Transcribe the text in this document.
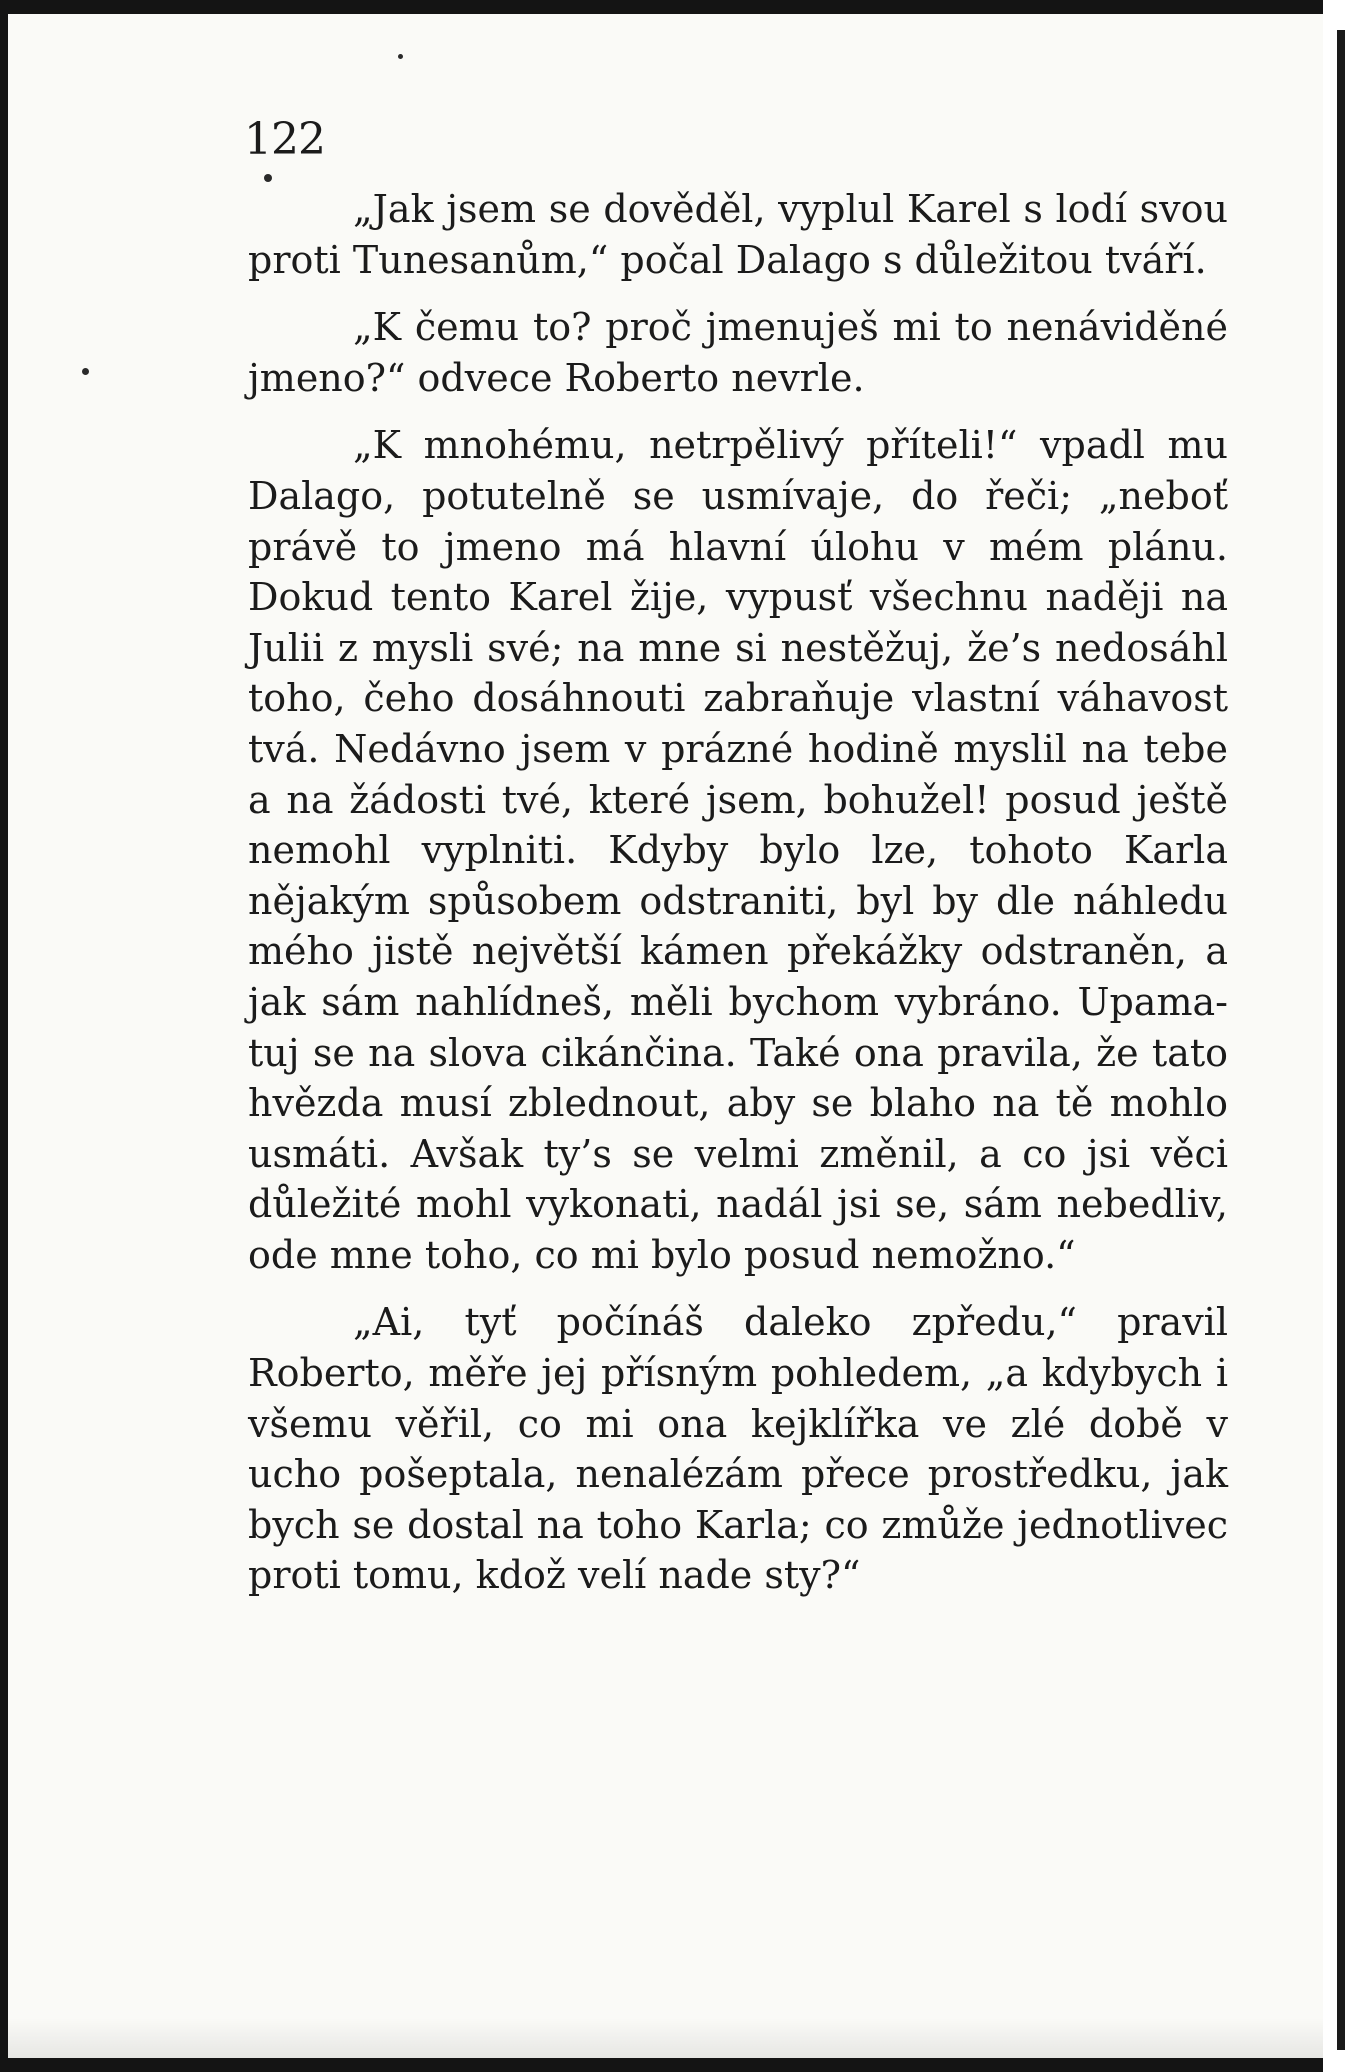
122

„Jak jsem se dověděl, vyplul Karel s lodí svou proti Tunesanům,“ počal Dalago s důležitou tváří.

„K čemu to? proč jmenuješ mi to nenáviděné jmeno?“ odvece Roberto nevrle.

„K mnohému, netrpělivý příteli!“ vpadl mu Dalago, potutelně se usmívaje, do řeči; „neboť právě to jmeno má hlavní úlohu v mém plánu. Dokud tento Karel žije, vypusť všechnu naději na Julii z mysli své; na mne si nestěžuj, že’s nedosáhl toho, čeho dosáhnouti zabraňuje vlastní váhavost tvá. Nedávno jsem v prázné hodině myslil na tebe a na žádosti tvé, které jsem, bohužel! posud ještě nemohl vyplniti. Kdyby bylo lze, tohoto Karla nějakým spůsobem odstraniti, byl by dle náhledu mého jistě největší kámen překážky odstraněn, a jak sám nahlídneš, měli bychom vybráno. Upamatuj se na slova cikánčina. Také ona pravila, že tato hvězda musí zblednout, aby se blaho na tě mohlo usmáti. Avšak ty’s se velmi změnil, a co jsi věci důležité mohl vykonati, nadál jsi se, sám nebedliv, ode mne toho, co mi bylo posud nemožno.“

„Ai, tyť počínáš daleko zpředu,“ pravil Roberto, měře jej přísným pohledem, „a kdybych i všemu věřil, co mi ona kejklířka ve zlé době v ucho pošeptala, nenalézám přece prostředku, jak bych se dostal na toho Karla; co zmůže jednotlivec proti tomu, kdož velí nade sty?“
